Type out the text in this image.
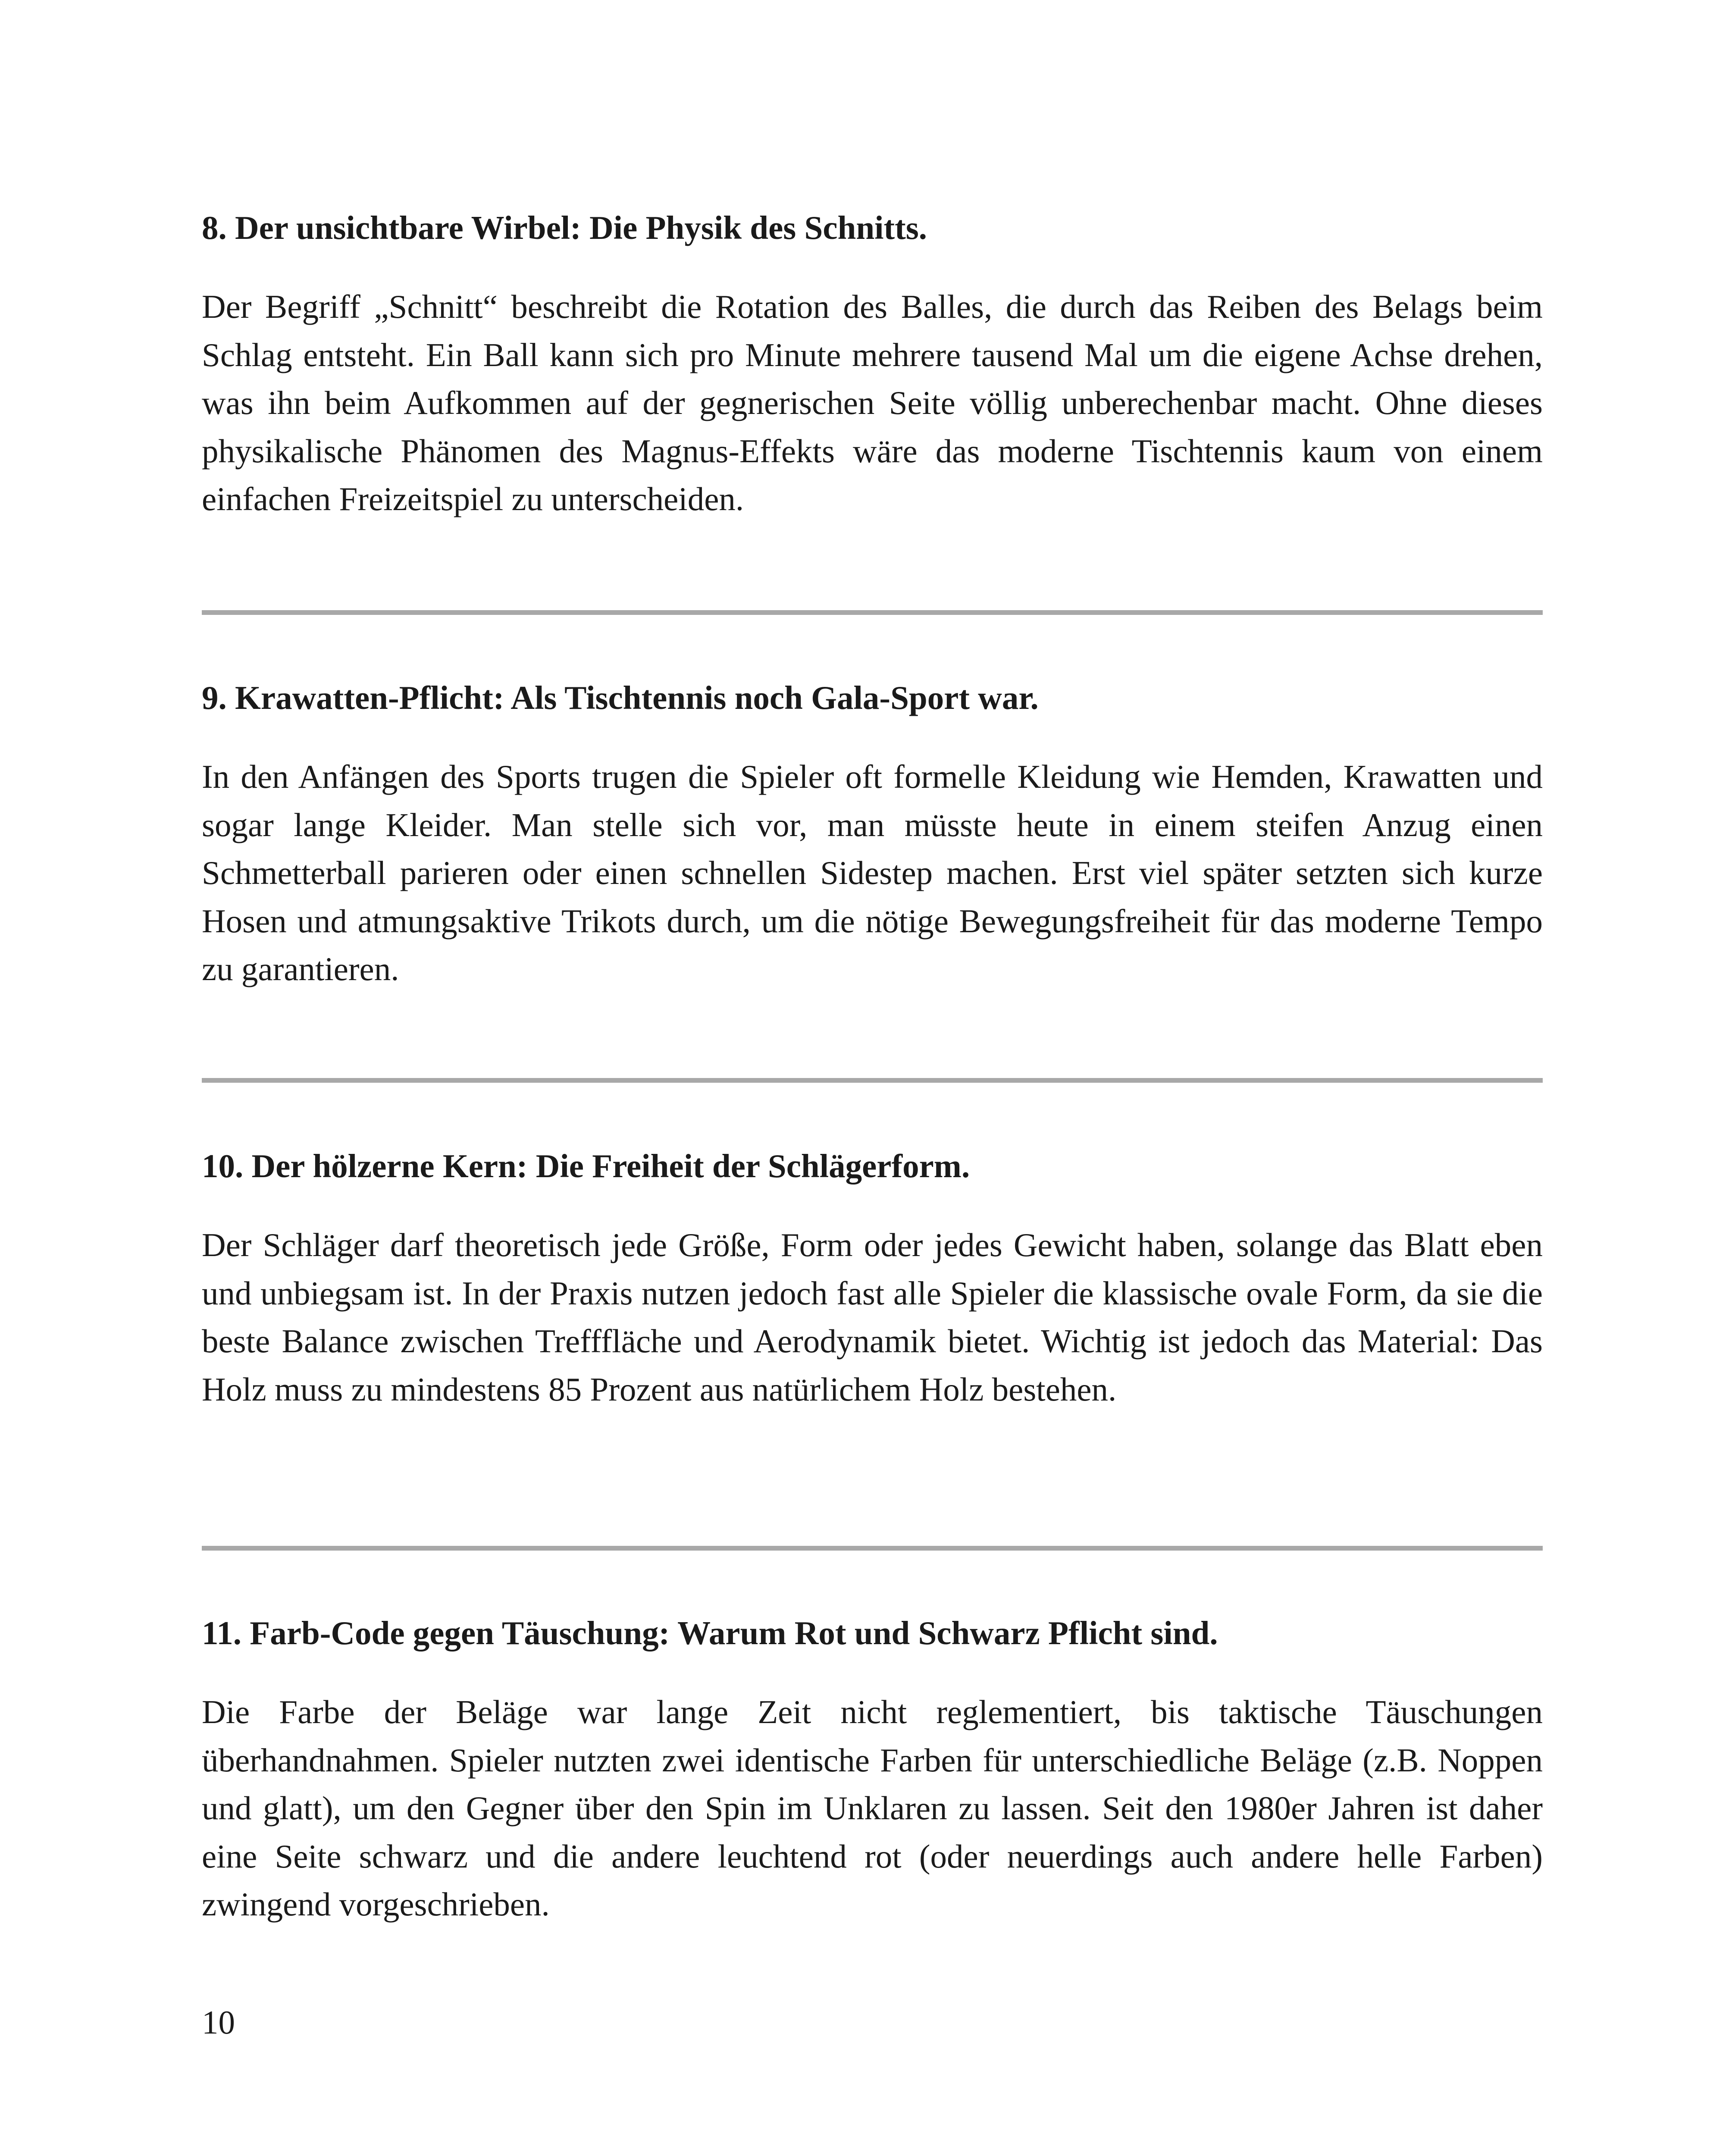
8. Der unsichtbare Wirbel: Die Physik des Schnitts.

Der Begriff „Schnitt“ beschreibt die Rotation des Balles, die durch das Reiben des Belags beim Schlag entsteht. Ein Ball kann sich pro Minute mehrere tausend Mal um die eigene Achse drehen, was ihn beim Aufkommen auf der gegnerischen Seite völlig unberechenbar macht. Ohne dieses physikalische Phänomen des Magnus-Effekts wäre das moderne Tischtennis kaum von einem einfachen Freizeitspiel zu unterscheiden.

9. Krawatten-Pflicht: Als Tischtennis noch Gala-Sport war.

In den Anfängen des Sports trugen die Spieler oft formelle Kleidung wie Hemden, Krawatten und sogar lange Kleider. Man stelle sich vor, man müsste heute in einem steifen Anzug einen Schmetterball parieren oder einen schnellen Sidestep machen. Erst viel später setzten sich kurze Hosen und atmungsaktive Trikots durch, um die nötige Bewegungsfreiheit für das moderne Tempo zu garantieren.

10. Der hölzerne Kern: Die Freiheit der Schlägerform.

Der Schläger darf theoretisch jede Größe, Form oder jedes Gewicht haben, solange das Blatt eben und unbiegsam ist. In der Praxis nutzen jedoch fast alle Spieler die klassische ovale Form, da sie die beste Balance zwischen Trefffläche und Aerodynamik bietet. Wichtig ist jedoch das Material: Das Holz muss zu mindestens 85 Prozent aus natürlichem Holz bestehen.

11. Farb-Code gegen Täuschung: Warum Rot und Schwarz Pflicht sind.

Die Farbe der Beläge war lange Zeit nicht reglementiert, bis taktische Täuschungen überhandnahmen. Spieler nutzten zwei identische Farben für unterschiedliche Beläge (z.B. Noppen und glatt), um den Gegner über den Spin im Unklaren zu lassen. Seit den 1980er Jahren ist daher eine Seite schwarz und die andere leuchtend rot (oder neuerdings auch andere helle Farben) zwingend vorgeschrieben.

10
